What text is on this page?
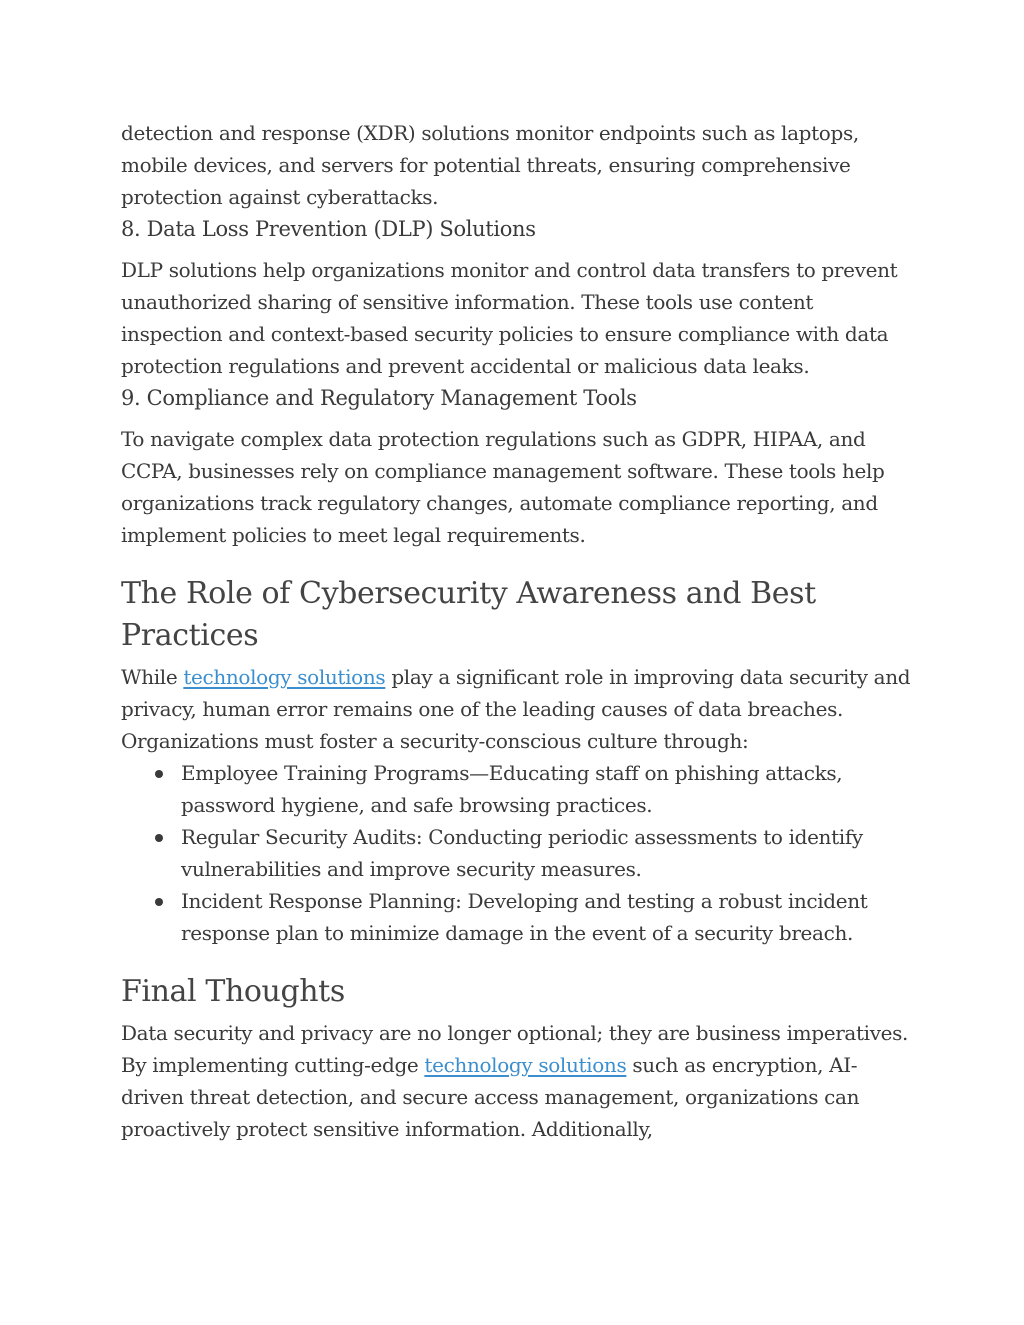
detection and response (XDR) solutions monitor endpoints such as laptops, mobile devices, and servers for potential threats, ensuring comprehensive protection against cyberattacks.

8. Data Loss Prevention (DLP) Solutions

DLP solutions help organizations monitor and control data transfers to prevent unauthorized sharing of sensitive information. These tools use content inspection and context-based security policies to ensure compliance with data protection regulations and prevent accidental or malicious data leaks.

9. Compliance and Regulatory Management Tools

To navigate complex data protection regulations such as GDPR, HIPAA, and CCPA, businesses rely on compliance management software. These tools help organizations track regulatory changes, automate compliance reporting, and implement policies to meet legal requirements.

The Role of Cybersecurity Awareness and Best Practices

While technology solutions play a significant role in improving data security and privacy, human error remains one of the leading causes of data breaches. Organizations must foster a security-conscious culture through:

Employee Training Programs—Educating staff on phishing attacks, password hygiene, and safe browsing practices.
Regular Security Audits: Conducting periodic assessments to identify vulnerabilities and improve security measures.
Incident Response Planning: Developing and testing a robust incident response plan to minimize damage in the event of a security breach.
Final Thoughts

Data security and privacy are no longer optional; they are business imperatives. By implementing cutting-edge technology solutions such as encryption, AI-driven threat detection, and secure access management, organizations can proactively protect sensitive information. Additionally,
